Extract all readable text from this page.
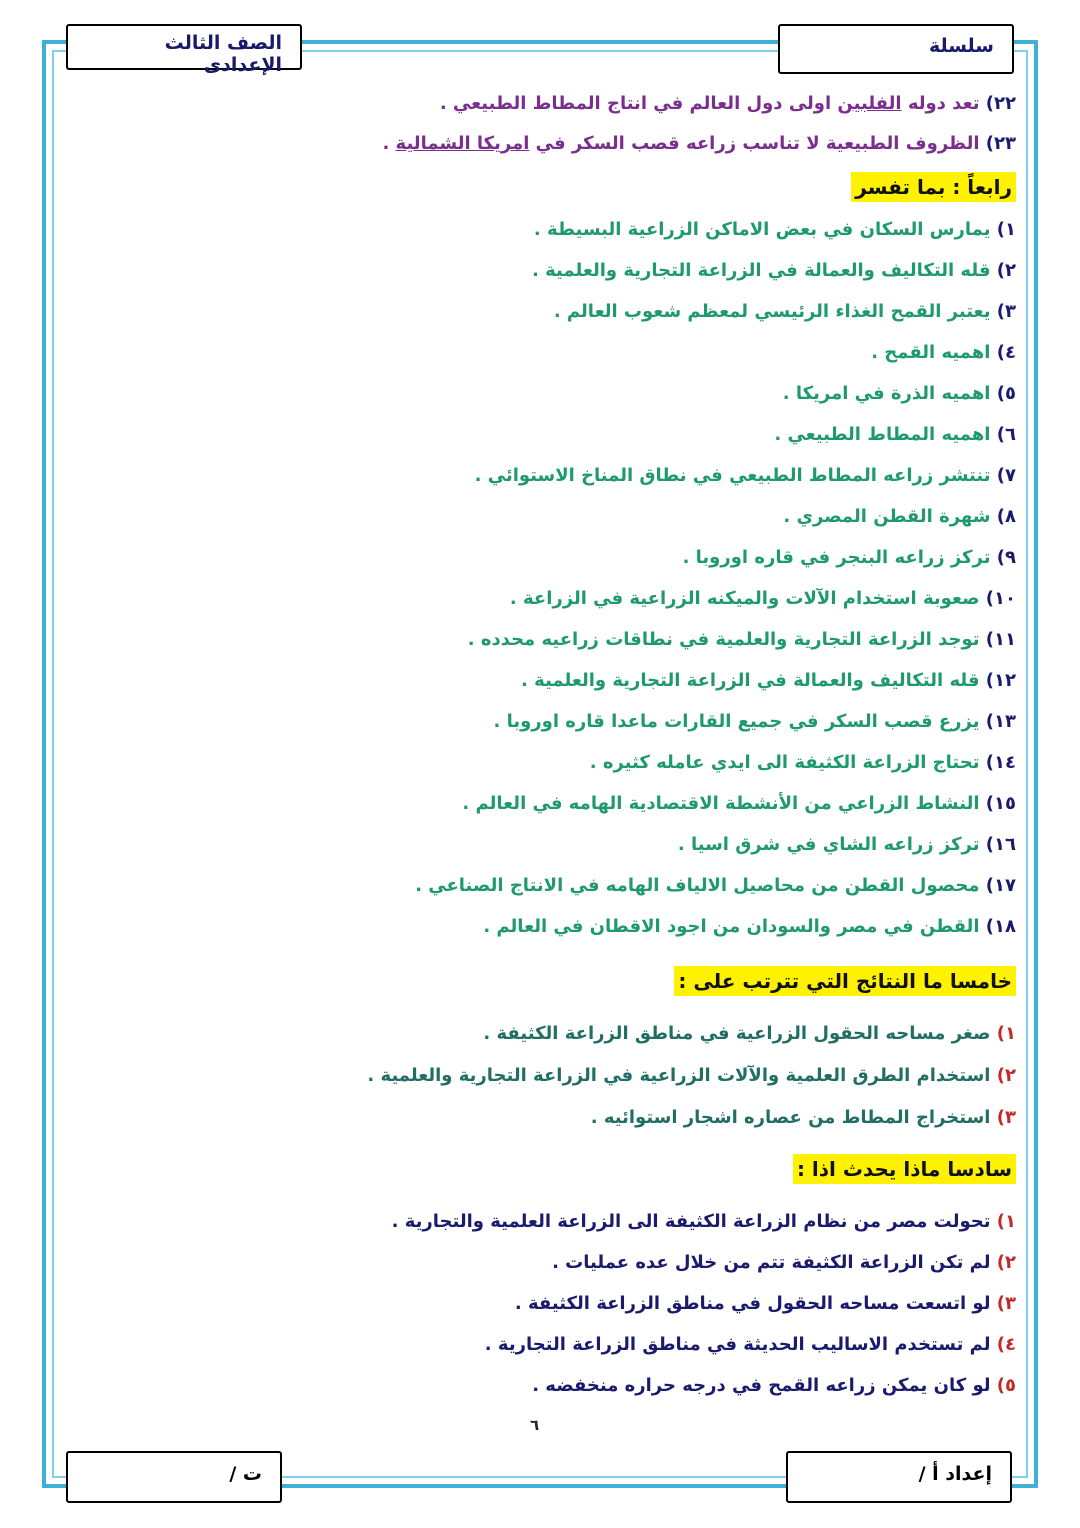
سلسلة
الصف الثالث الإعدادى
٢٢) تعد دوله الفلبين اولى دول العالم في انتاج المطاط الطبيعي .
٢٣) الظروف الطبيعية لا تناسب زراعه قصب السكر في امريكا الشمالية .
رابعاً : بما تفسر
١) يمارس السكان في بعض الاماكن الزراعية البسيطة .
٢) قله التكاليف والعمالة في الزراعة التجارية والعلمية .
٣) يعتبر القمح الغذاء الرئيسي لمعظم شعوب العالم .
٤) اهميه القمح .
٥) اهميه الذرة في امريكا .
٦) اهميه المطاط الطبيعي .
٧) تنتشر زراعه المطاط الطبيعي في نطاق المناخ الاستوائي .
٨) شهرة القطن المصري .
٩) تركز زراعه البنجر في قاره اوروبا .
١٠) صعوبة استخدام الآلات والميكنه الزراعية في الزراعة .
١١) توجد الزراعة التجارية والعلمية في نطاقات زراعيه محدده .
١٢) قله التكاليف والعمالة في الزراعة التجارية والعلمية .
١٣) يزرع قصب السكر في جميع القارات ماعدا قاره اوروبا .
١٤) تحتاج الزراعة الكثيفة الى ايدي عامله كثيره .
١٥) النشاط الزراعي من الأنشطة الاقتصادية الهامه في العالم .
١٦) تركز زراعه الشاي في شرق اسيا .
١٧) محصول القطن من محاصيل الالياف الهامه في الانتاج الصناعي .
١٨) القطن في مصر والسودان من اجود الاقطان في العالم .
خامسا ما النتائج التي تترتب على :
١) صغر مساحه الحقول الزراعية في مناطق الزراعة الكثيفة .
٢) استخدام الطرق العلمية والآلات الزراعية في الزراعة التجارية والعلمية .
٣) استخراج المطاط من عصاره اشجار استوائيه .
سادسا ماذا يحدث اذا :
١) تحولت مصر من نظام الزراعة الكثيفة الى الزراعة العلمية والتجارية .
٢) لم تكن الزراعة الكثيفة تتم من خلال عده عمليات .
٣) لو اتسعت مساحه الحقول في مناطق الزراعة الكثيفة .
٤) لم تستخدم الاساليب الحديثة في مناطق الزراعة التجارية .
٥) لو كان يمكن زراعه القمح في درجه حراره منخفضه .
٦
إعداد أ /
ت /
